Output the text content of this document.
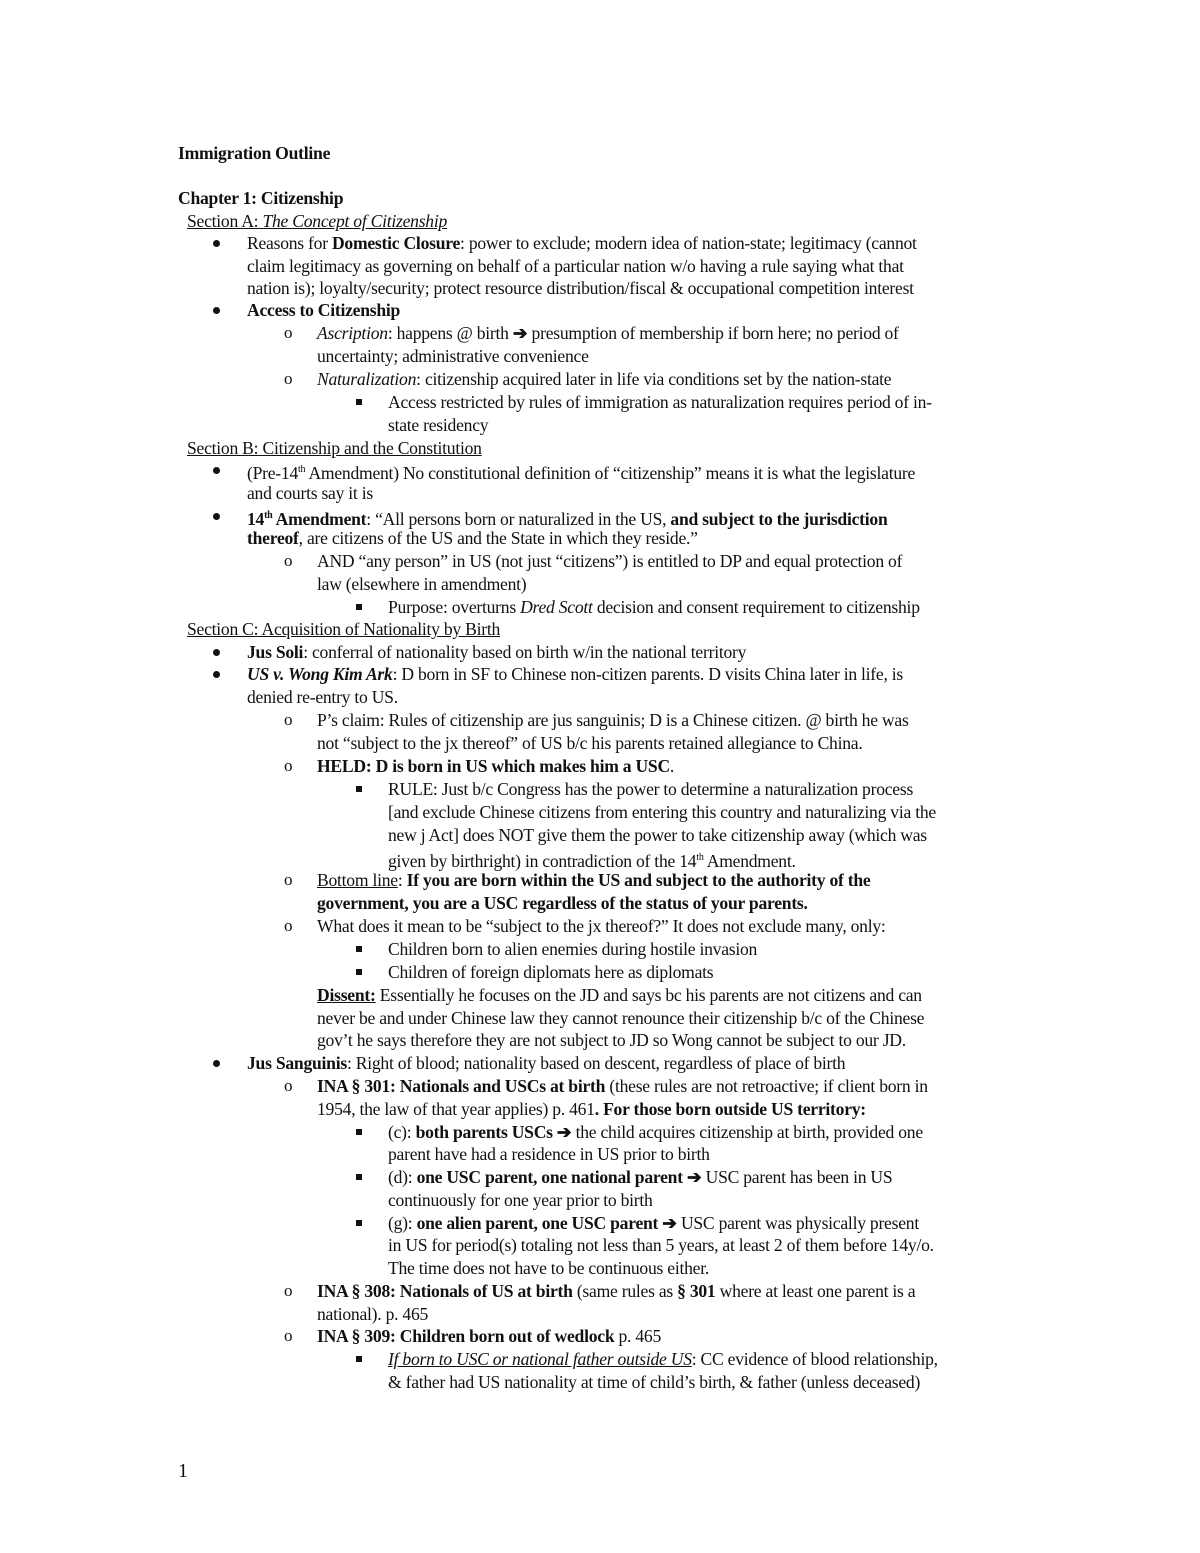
Immigration Outline
Chapter 1: Citizenship
Section A: The Concept of Citizenship
Reasons for Domestic Closure: power to exclude; modern idea of nation-state; legitimacy (cannot
claim legitimacy as governing on behalf of a particular nation w/o having a rule saying what that
nation is); loyalty/security; protect resource distribution/fiscal & occupational competition interest
Access to Citizenship
o Ascription: happens @ birth ➔ presumption of membership if born here; no period of
uncertainty; administrative convenience
o Naturalization: citizenship acquired later in life via conditions set by the nation-state
Access restricted by rules of immigration as naturalization requires period of in-
state residency
Section B: Citizenship and the Constitution
(Pre-14th Amendment) No constitutional definition of “citizenship” means it is what the legislature
and courts say it is
14th Amendment: “All persons born or naturalized in the US, and subject to the jurisdiction
thereof, are citizens of the US and the State in which they reside.”
o AND “any person” in US (not just “citizens”) is entitled to DP and equal protection of
law (elsewhere in amendment)
Purpose: overturns Dred Scott decision and consent requirement to citizenship
Section C: Acquisition of Nationality by Birth
Jus Soli: conferral of nationality based on birth w/in the national territory
US v. Wong Kim Ark: D born in SF to Chinese non-citizen parents. D visits China later in life, is
denied re-entry to US.
o P’s claim: Rules of citizenship are jus sanguinis; D is a Chinese citizen. @ birth he was
not “subject to the jx thereof” of US b/c his parents retained allegiance to China.
o HELD: D is born in US which makes him a USC.
RULE: Just b/c Congress has the power to determine a naturalization process
[and exclude Chinese citizens from entering this country and naturalizing via the
new j Act] does NOT give them the power to take citizenship away (which was
given by birthright) in contradiction of the 14th Amendment.
o Bottom line: If you are born within the US and subject to the authority of the
government, you are a USC regardless of the status of your parents.
o What does it mean to be “subject to the jx thereof?” It does not exclude many, only:
Children born to alien enemies during hostile invasion
Children of foreign diplomats here as diplomats
Dissent: Essentially he focuses on the JD and says bc his parents are not citizens and can
never be and under Chinese law they cannot renounce their citizenship b/c of the Chinese
gov’t he says therefore they are not subject to JD so Wong cannot be subject to our JD.
Jus Sanguinis: Right of blood; nationality based on descent, regardless of place of birth
o INA § 301: Nationals and USCs at birth (these rules are not retroactive; if client born in
1954, the law of that year applies) p. 461. For those born outside US territory:
(c): both parents USCs ➔ the child acquires citizenship at birth, provided one
parent have had a residence in US prior to birth
(d): one USC parent, one national parent ➔ USC parent has been in US
continuously for one year prior to birth
(g): one alien parent, one USC parent ➔ USC parent was physically present
in US for period(s) totaling not less than 5 years, at least 2 of them before 14y/o.
The time does not have to be continuous either.
o INA § 308: Nationals of US at birth (same rules as § 301 where at least one parent is a
national). p. 465
o INA § 309: Children born out of wedlock p. 465
If born to USC or national father outside US: CC evidence of blood relationship,
& father had US nationality at time of child’s birth, & father (unless deceased)
1
